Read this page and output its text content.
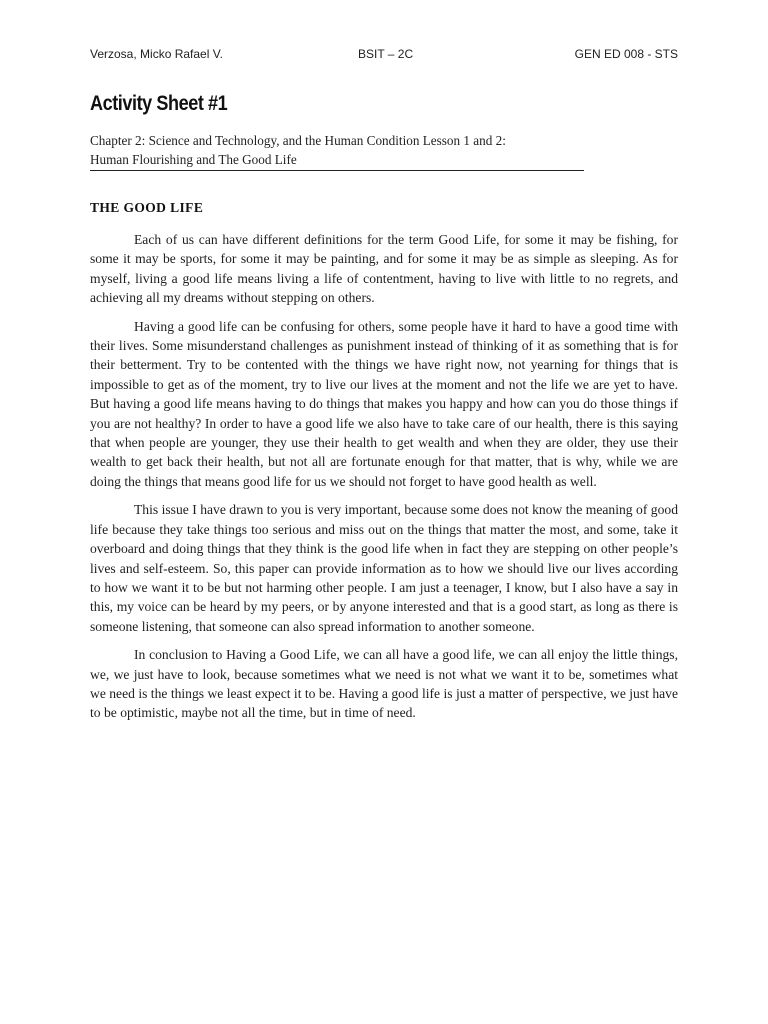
Verzosa, Micko Rafael V.	BSIT – 2C	GEN ED 008 - STS
Activity Sheet #1
Chapter 2: Science and Technology, and the Human Condition Lesson 1 and 2:
Human Flourishing and The Good Life
THE GOOD LIFE

Each of us can have different definitions for the term Good Life, for some it may be fishing, for some it may be sports, for some it may be painting, and for some it may be as simple as sleeping. As for myself, living a good life means living a life of contentment, having to live with little to no regrets, and achieving all my dreams without stepping on others.

Having a good life can be confusing for others, some people have it hard to have a good time with their lives. Some misunderstand challenges as punishment instead of thinking of it as something that is for their betterment. Try to be contented with the things we have right now, not yearning for things that is impossible to get as of the moment, try to live our lives at the moment and not the life we are yet to have. But having a good life means having to do things that makes you happy and how can you do those things if you are not healthy? In order to have a good life we also have to take care of our health, there is this saying that when people are younger, they use their health to get wealth and when they are older, they use their wealth to get back their health, but not all are fortunate enough for that matter, that is why, while we are doing the things that means good life for us we should not forget to have good health as well.

This issue I have drawn to you is very important, because some does not know the meaning of good life because they take things too serious and miss out on the things that matter the most, and some, take it overboard and doing things that they think is the good life when in fact they are stepping on other people’s lives and self-esteem. So, this paper can provide information as to how we should live our lives according to how we want it to be but not harming other people. I am just a teenager, I know, but I also have a say in this, my voice can be heard by my peers, or by anyone interested and that is a good start, as long as there is someone listening, that someone can also spread information to another someone.

In conclusion to Having a Good Life, we can all have a good life, we can all enjoy the little things, we, we just have to look, because sometimes what we need is not what we want it to be, sometimes what we need is the things we least expect it to be. Having a good life is just a matter of perspective, we just have to be optimistic, maybe not all the time, but in time of need.
